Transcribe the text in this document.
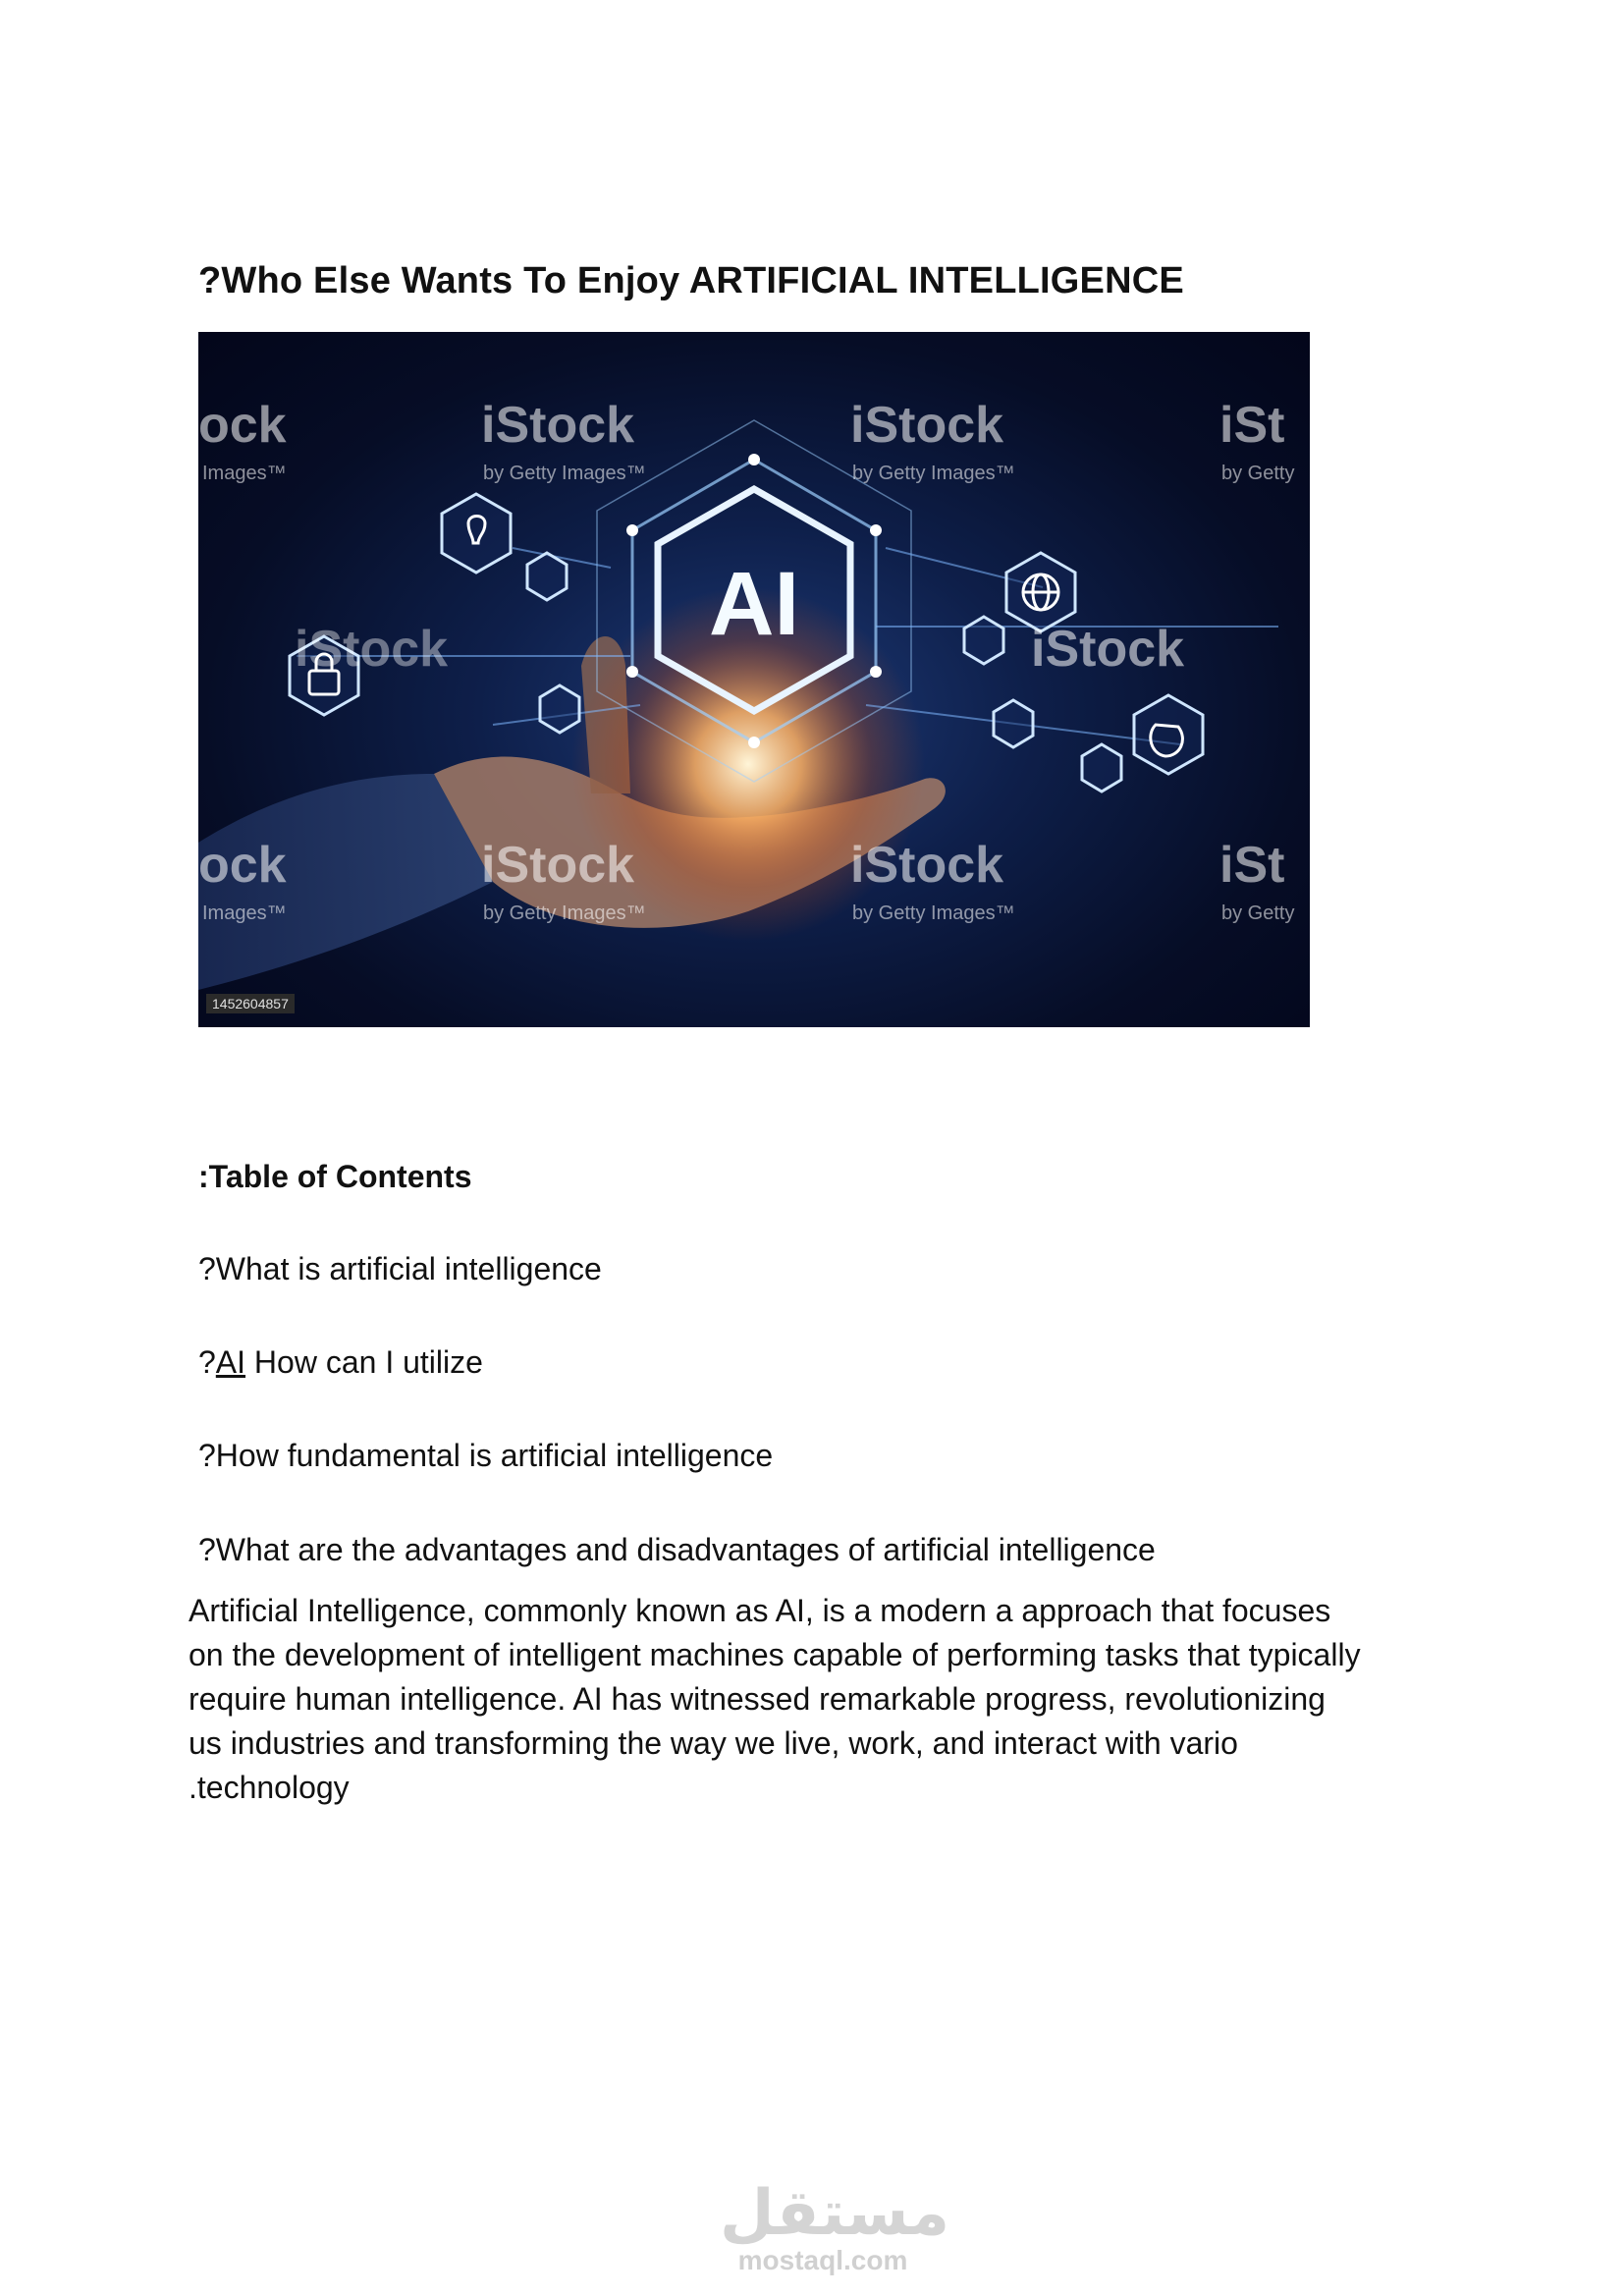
?Who Else Wants To Enjoy ARTIFICIAL INTELLIGENCE
AI
ock
Images™
iStock
by Getty Images™
iStock
by Getty Images™
iSt
by Getty
iStock
iStock
ock
Images™
iStock
by Getty Images™
iStock
by Getty Images™
iSt
by Getty
1452604857
:Table of Contents
?What is artificial intelligence
?AI How can I utilize
?How fundamental is artificial intelligence
?What are the advantages and disadvantages of artificial intelligence
Artificial Intelligence, commonly known as AI, is a modern a approach that focuses
on the development of intelligent machines capable of performing tasks that typically
require human intelligence. AI has witnessed remarkable progress, revolutionizing
us industries and transforming the way we live, work, and interact with vario
.technology
مستقل
mostaql.com
